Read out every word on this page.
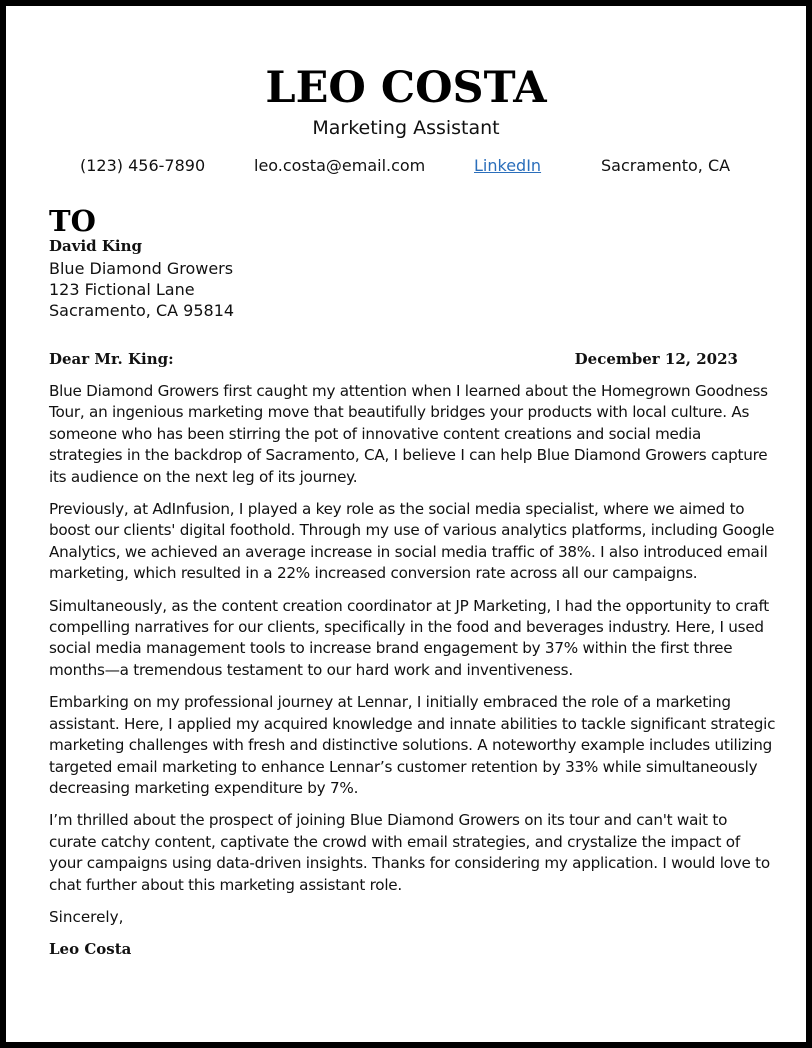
LEO COSTA
Marketing Assistant
(123) 456-7890	leo.costa@email.com	LinkedIn	Sacramento, CA
TO
David King
Blue Diamond Growers
123 Fictional Lane
Sacramento, CA 95814
Dear Mr. King:	December 12, 2023

Blue Diamond Growers first caught my attention when I learned about the Homegrown Goodness Tour, an ingenious marketing move that beautifully bridges your products with local culture. As someone who has been stirring the pot of innovative content creations and social media strategies in the backdrop of Sacramento, CA, I believe I can help Blue Diamond Growers capture its audience on the next leg of its journey.

Previously, at AdInfusion, I played a key role as the social media specialist, where we aimed to boost our clients' digital foothold. Through my use of various analytics platforms, including Google Analytics, we achieved an average increase in social media traffic of 38%. I also introduced email marketing, which resulted in a 22% increased conversion rate across all our campaigns.

Simultaneously, as the content creation coordinator at JP Marketing, I had the opportunity to craft compelling narratives for our clients, specifically in the food and beverages industry. Here, I used social media management tools to increase brand engagement by 37% within the first three months—a tremendous testament to our hard work and inventiveness.

Embarking on my professional journey at Lennar, I initially embraced the role of a marketing assistant. Here, I applied my acquired knowledge and innate abilities to tackle significant strategic marketing challenges with fresh and distinctive solutions. A noteworthy example includes utilizing targeted email marketing to enhance Lennar’s customer retention by 33% while simultaneously decreasing marketing expenditure by 7%.

I’m thrilled about the prospect of joining Blue Diamond Growers on its tour and can't wait to curate catchy content, captivate the crowd with email strategies, and crystalize the impact of your campaigns using data-driven insights. Thanks for considering my application. I would love to chat further about this marketing assistant role.

Sincerely,

Leo Costa
